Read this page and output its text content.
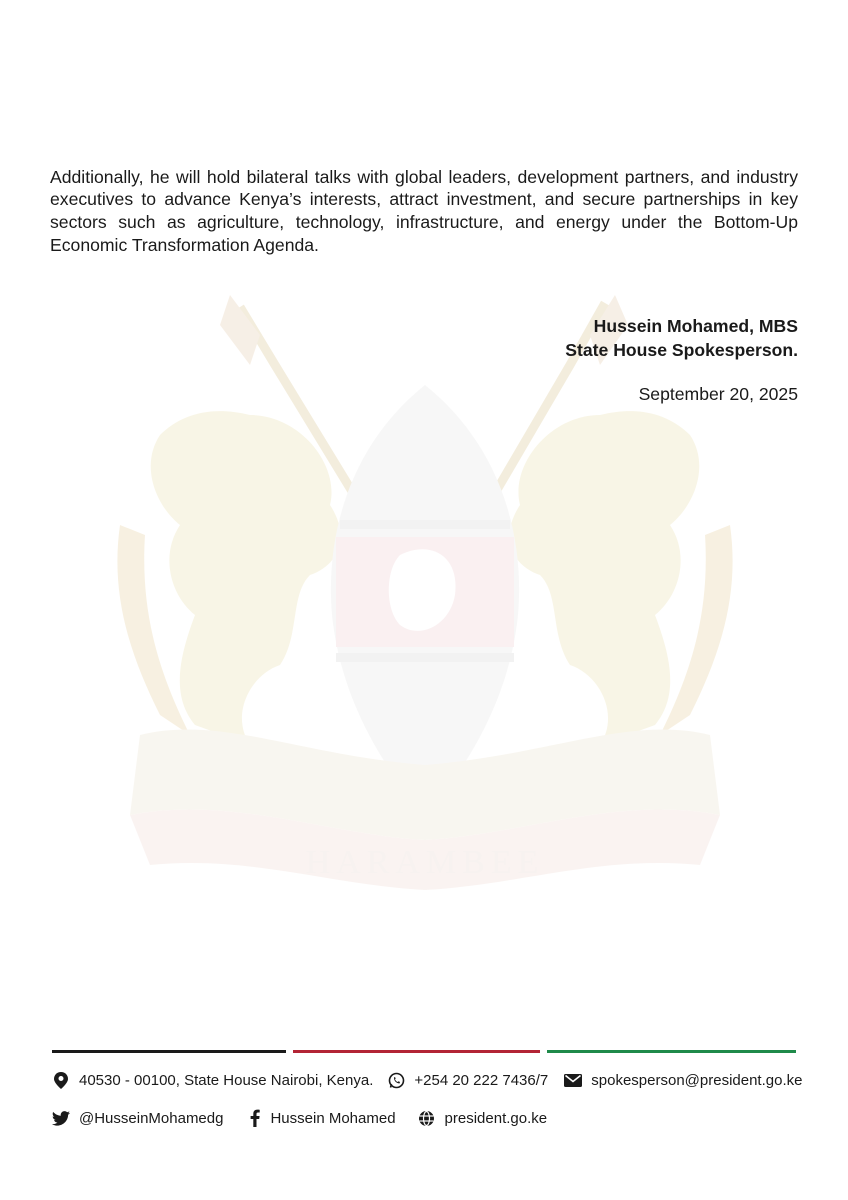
HARAMBEE

Additionally, he will hold bilateral talks with global leaders, development partners, and industry executives to advance Kenya’s interests, attract investment, and secure partnerships in key sectors such as agriculture, technology, infrastructure, and energy under the Bottom-Up Economic Transformation Agenda.

Hussein Mohamed, MBS
State House Spokesperson.
September 20, 2025
40530 - 00100, State House Nairobi, Kenya.	+254 20 222 7436/7	spokesperson@president.go.ke
@HusseinMohamedg	Hussein Mohamed	president.go.ke
